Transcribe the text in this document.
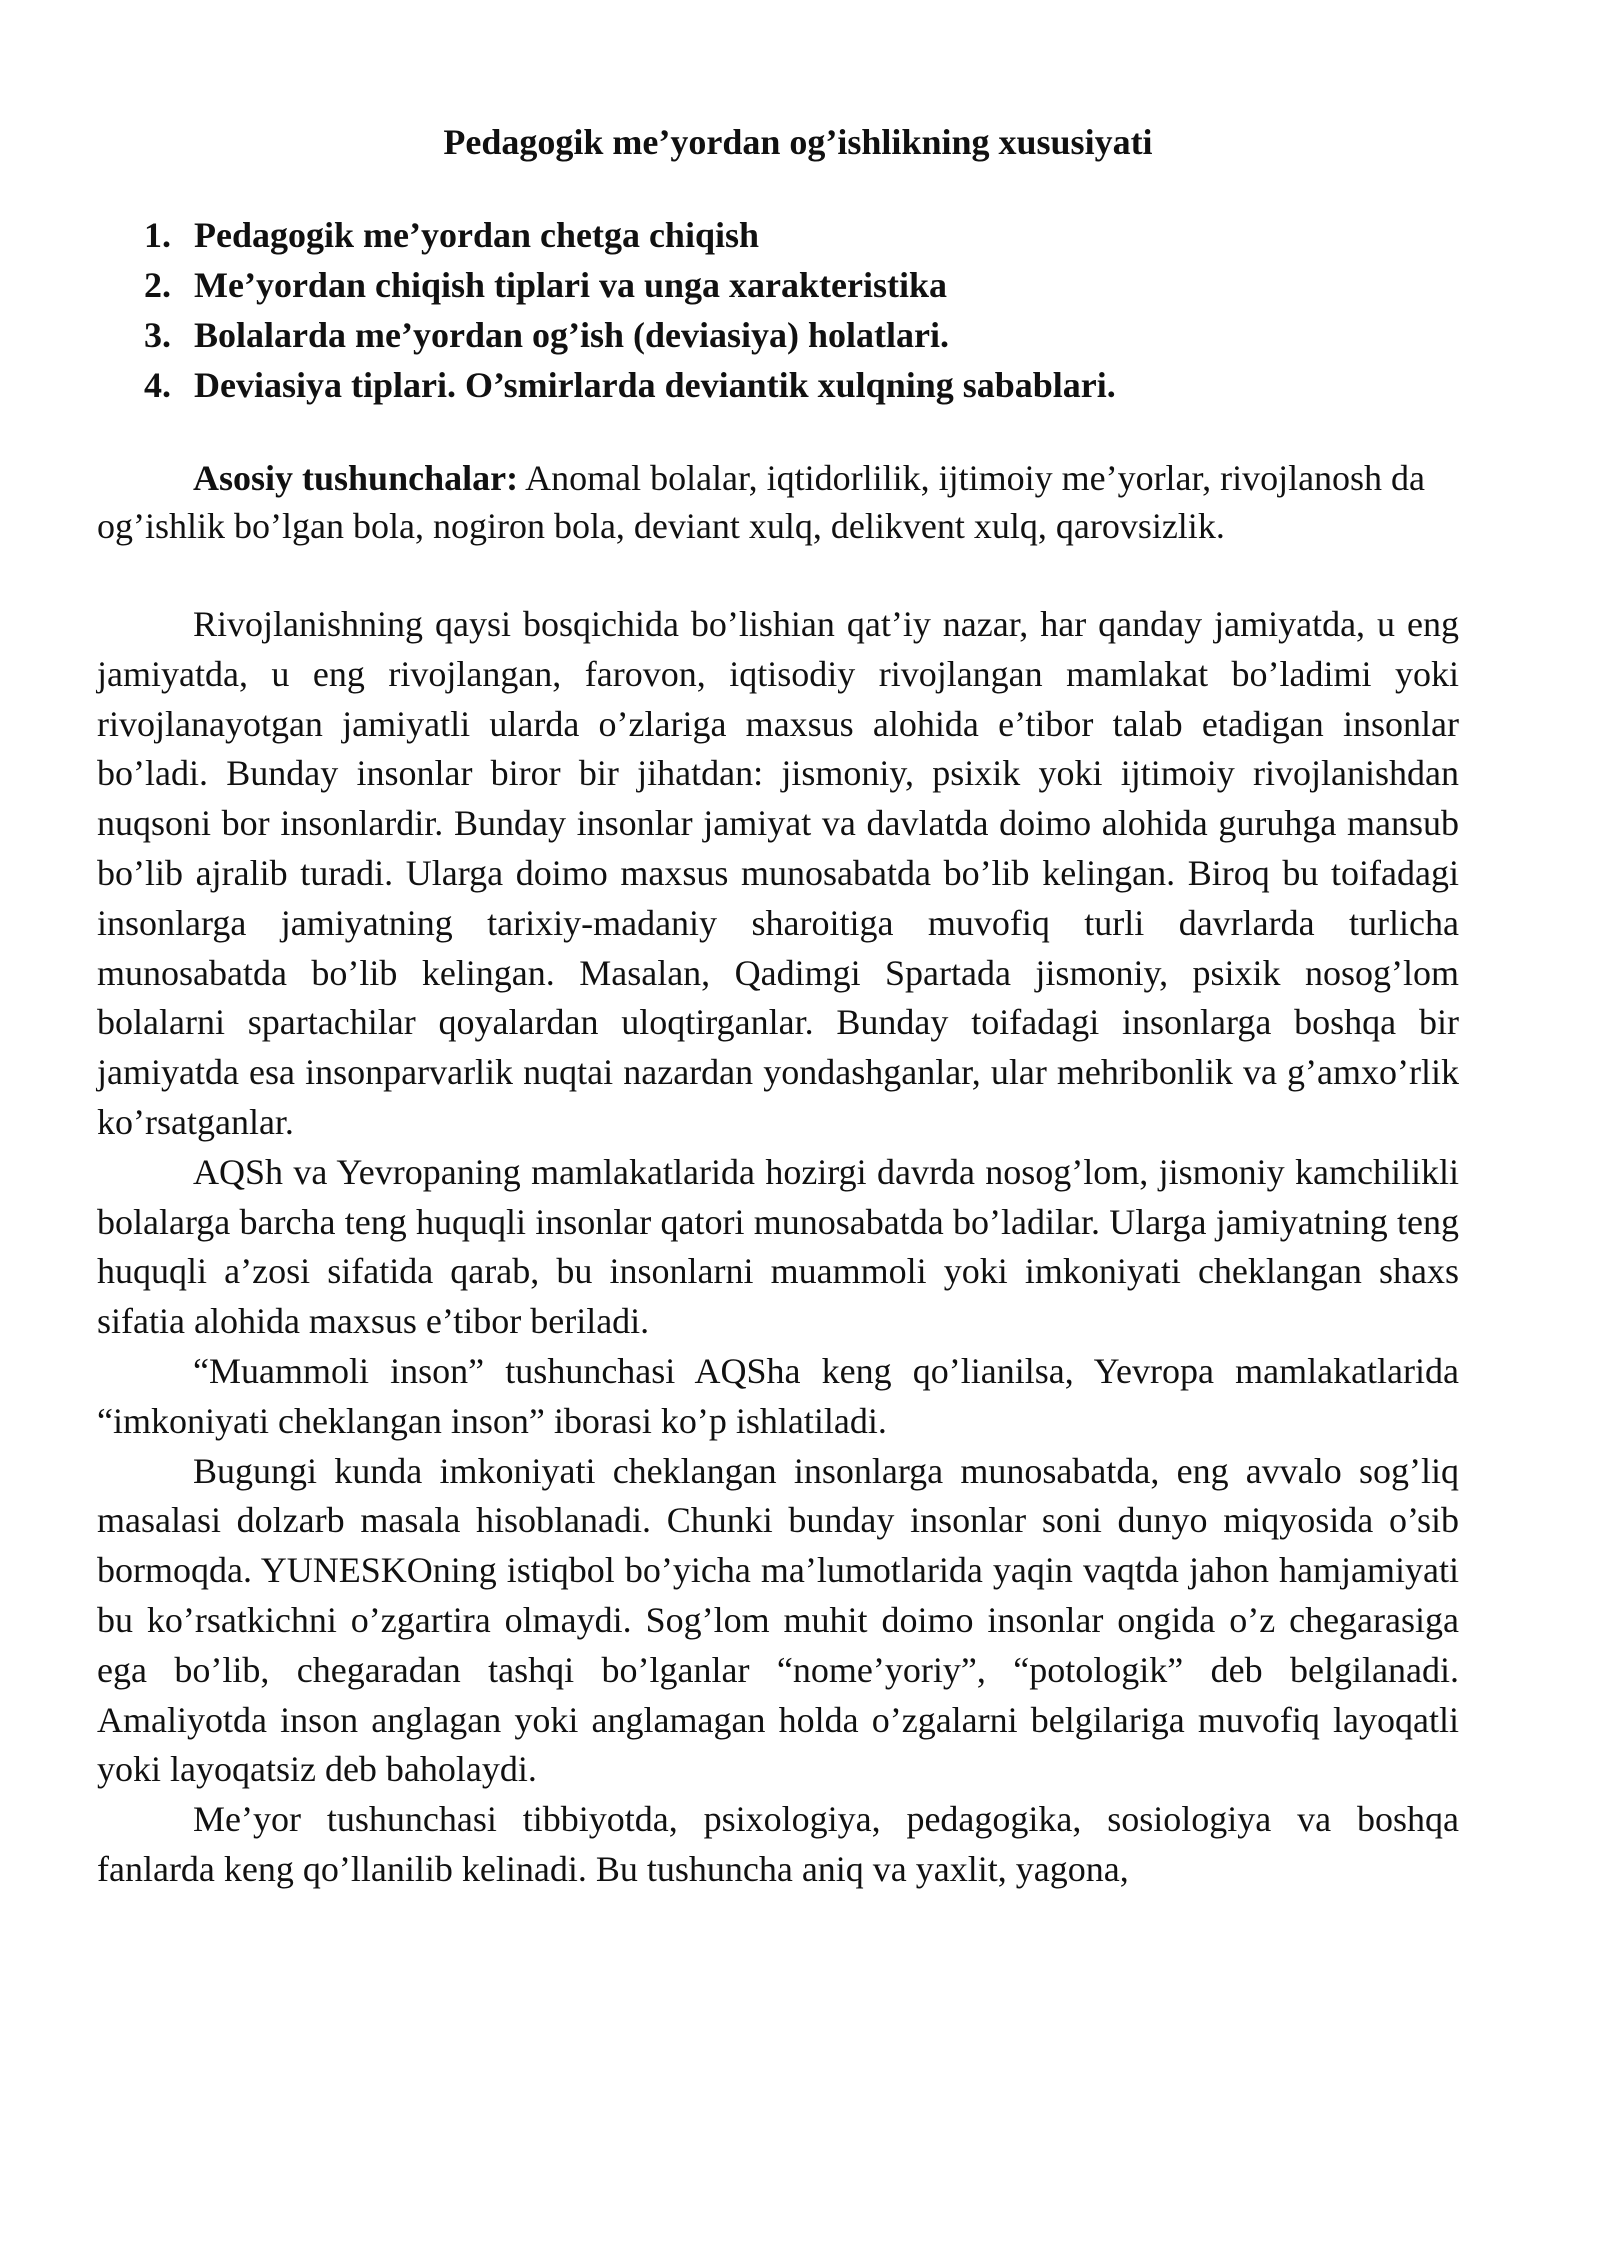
Pedagogik me’yordan og’ishlikning xususiyati
1. Pedagogik me’yordan chetga chiqish
2. Me’yordan chiqish tiplari va unga xarakteristika
3. Bolalarda me’yordan og’ish (deviasiya) holatlari.
4. Deviasiya tiplari. O’smirlarda deviantik xulqning sabablari.

Asosiy tushunchalar: Anomal bolalar, iqtidorlilik, ijtimoiy me’yorlar, rivojlanosh da og’ishlik bo’lgan bola, nogiron bola, deviant xulq, delikvent xulq, qarovsizlik.

Rivojlanishning qaysi bosqichida bo’lishian qat’iy nazar, har qanday jamiyatda, u eng jamiyatda, u eng rivojlangan, farovon, iqtisodiy rivojlangan mamlakat bo’ladimi yoki rivojlanayotgan jamiyatli ularda o’zlariga maxsus alohida e’tibor talab etadigan insonlar bo’ladi. Bunday insonlar biror bir jihatdan: jismoniy, psixik yoki ijtimoiy rivojlanishdan nuqsoni bor insonlardir. Bunday insonlar jamiyat va davlatda doimo alohida guruhga mansub bo’lib ajralib turadi. Ularga doimo maxsus munosabatda bo’lib kelingan. Biroq bu toifadagi insonlarga jamiyatning tarixiy-madaniy sharoitiga muvofiq turli davrlarda turlicha munosabatda bo’lib kelingan. Masalan, Qadimgi Spartada jismoniy, psixik nosog’lom bolalarni spartachilar qoyalardan uloqtirganlar. Bunday toifadagi insonlarga boshqa bir jamiyatda esa insonparvarlik nuqtai nazardan yondashganlar, ular mehribonlik va g’amxo’rlik ko’rsatganlar.

AQSh va Yevropaning mamlakatlarida hozirgi davrda nosog’lom, jismoniy kamchilikli bolalarga barcha teng huquqli insonlar qatori munosabatda bo’ladilar. Ularga jamiyatning teng huquqli a’zosi sifatida qarab, bu insonlarni muammoli yoki imkoniyati cheklangan shaxs sifatia alohida maxsus e’tibor beriladi.

“Muammoli inson” tushunchasi AQSha keng qo’lianilsa, Yevropa mamlakatlarida “imkoniyati cheklangan inson” iborasi ko’p ishlatiladi.

Bugungi kunda imkoniyati cheklangan insonlarga munosabatda, eng avvalo sog’liq masalasi dolzarb masala hisoblanadi. Chunki bunday insonlar soni dunyo miqyosida o’sib bormoqda. YUNESKOning istiqbol bo’yicha ma’lumotlarida yaqin vaqtda jahon hamjamiyati bu ko’rsatkichni o’zgartira olmaydi. Sog’lom muhit doimo insonlar ongida o’z chegarasiga ega bo’lib, chegaradan tashqi bo’lganlar “nome’yoriy”, “potologik” deb belgilanadi. Amaliyotda inson anglagan yoki anglamagan holda o’zgalarni belgilariga muvofiq layoqatli yoki layoqatsiz deb baholaydi.

Me’yor tushunchasi tibbiyotda, psixologiya, pedagogika, sosiologiya va boshqa fanlarda keng qo’llanilib kelinadi. Bu tushuncha aniq va yaxlit, yagona,
